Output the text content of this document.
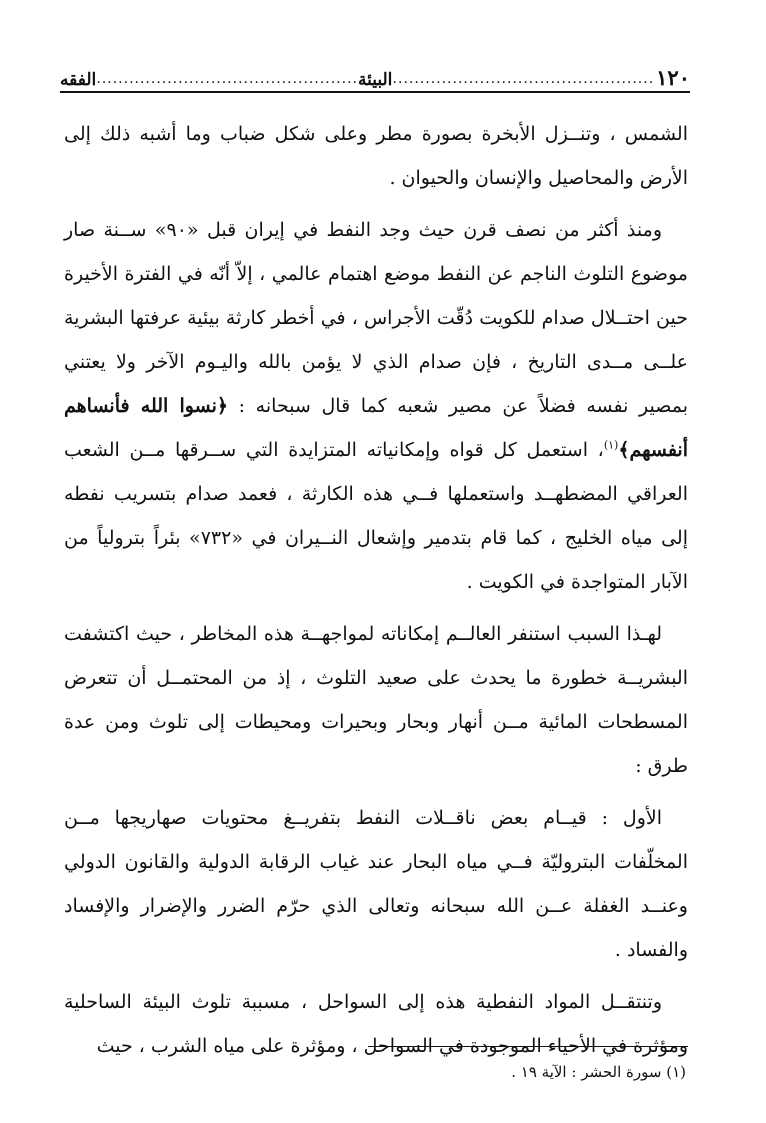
١٢٠
.....
البيئة
.....
الفقه

الشمس ، وتنــزل الأبخرة بصورة مطر وعلى شكل ضباب وما أشبه ذلك إلى الأرض والمحاصيل والإنسان والحيوان .

ومنذ أكثر من نصف قرن حيث وجد النفط في إيران قبل «٩٠» ســنة صار موضوع التلوث الناجم عن النفط موضع اهتمام عالمي ، إلاّ أنّه في الفترة الأخيرة حين احتــلال صدام للكويت دُقّت الأجراس ، في أخطر كارثة بيئية عرفتها البشرية علــى مــدى التاريخ ، فإن صدام الذي لا يؤمن بالله واليـوم الآخر ولا يعتني بمصير نفسه فضلاً عن مصير شعبه كما قال سبحانه : ﴿نسوا الله فأنساهم أنفسهم﴾$^{(١)}$، استعمل كل قواه وإمكانياته المتزايدة التي ســرقها مــن الشعب العراقي المضطهــد واستعملها فــي هذه الكارثة ، فعمد صدام بتسريب نفطه إلى مياه الخليج ، كما قام بتدمير وإشعال النــيران في «٧٣٢» بئراً بترولياً من الآبار المتواجدة في الكويت .

لهـذا السبب استنفر العالــم إمكاناته لمواجهــة هذه المخاطر ، حيث اكتشفت البشريــة خطورة ما يحدث على صعيد التلوث ، إذ من المحتمــل أن تتعرض المسطحات المائية مــن أنهار وبحار وبحيرات ومحيطات إلى تلوث ومن عدة طرق :

الأول : قيــام بعض ناقــلات النفط بتفريــغ محتويات صهاريجها مــن المخلّفات البتروليّة فــي مياه البحار عند غياب الرقابة الدولية والقانون الدولي وعنــد الغفلة عــن الله سبحانه وتعالى الذي حرّم الضرر والإضرار والإفساد والفساد .

وتنتقــل المواد النفطية هذه إلى السواحل ، مسببة تلوث البيئة الساحلية ومؤثرة في الأحياء الموجودة في السواحل ، ومؤثرة على مياه الشرب ، حيث

(١) سورة الحشر : الآية ١٩ .
